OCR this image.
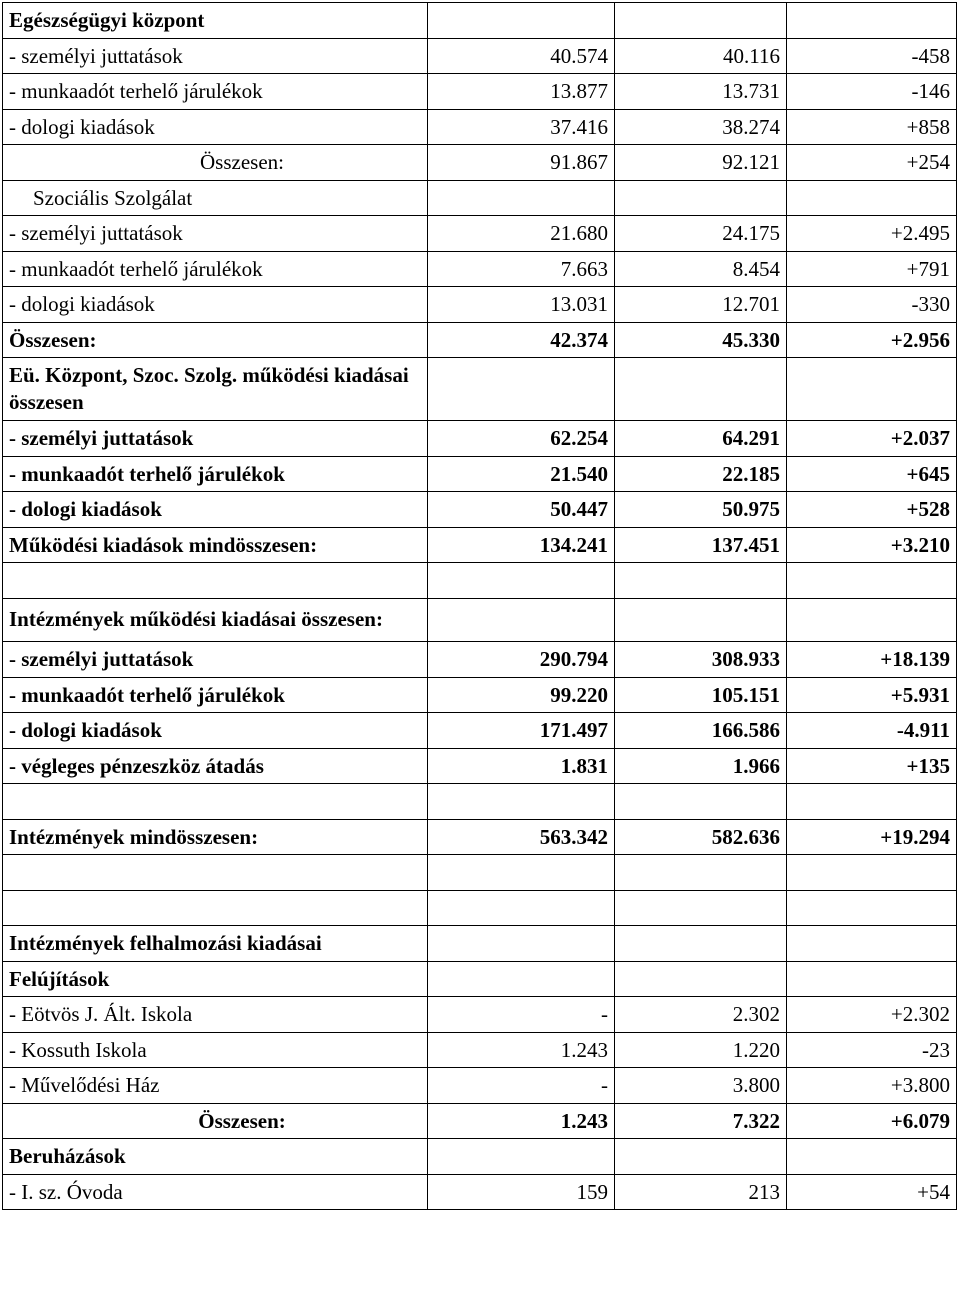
Egészségügyi központ			
- személyi juttatások	40.574	40.116	-458
- munkaadót terhelő járulékok	13.877	13.731	-146
- dologi kiadások	37.416	38.274	+858
Összesen:	91.867	92.121	+254
Szociális Szolgálat			
- személyi juttatások	21.680	24.175	+2.495
- munkaadót terhelő járulékok	7.663	8.454	+791
- dologi kiadások	13.031	12.701	-330
Összesen:	42.374	45.330	+2.956
Eü. Központ, Szoc. Szolg. működési kiadásai összesen			
- személyi juttatások	62.254	64.291	+2.037
- munkaadót terhelő járulékok	21.540	22.185	+645
- dologi kiadások	50.447	50.975	+528
Működési kiadások mindösszesen:	134.241	137.451	+3.210

Intézmények működési kiadásai összesen:			
- személyi juttatások	290.794	308.933	+18.139
- munkaadót terhelő járulékok	99.220	105.151	+5.931
- dologi kiadások	171.497	166.586	-4.911
- végleges pénzeszköz átadás	1.831	1.966	+135

Intézmények mindösszesen:	563.342	582.636	+19.294

Intézmények felhalmozási kiadásai			
Felújítások			
- Eötvös J. Ált. Iskola	-	2.302	+2.302
- Kossuth Iskola	1.243	1.220	-23
- Művelődési Ház	-	3.800	+3.800
Összesen:	1.243	7.322	+6.079
Beruházások			
- I. sz. Óvoda	159	213	+54
